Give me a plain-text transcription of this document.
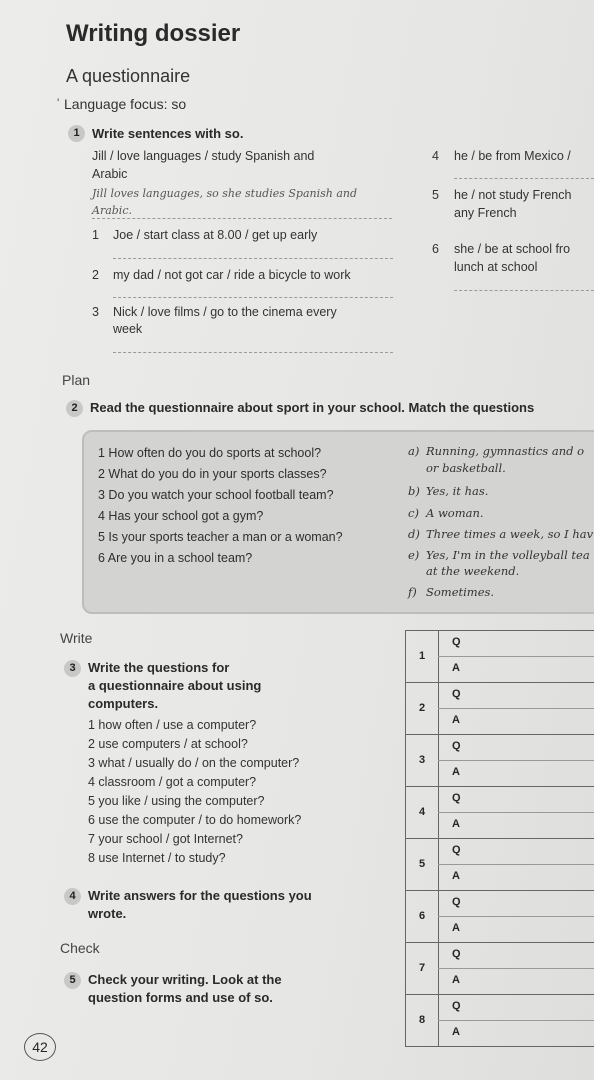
Writing dossier
A questionnaire
' Language focus: so
1 Write sentences with so.
Jill / love languages / study Spanish and
Arabic
Jill loves languages, so she studies Spanish and
Arabic.
1 Joe / start class at 8.00 / get up early
2 my dad / not got car / ride a bicycle to work
3 Nick / love films / go to the cinema every
week
4 he / be from Mexico /
5 he / not study French
any French
6 she / be at school fro
lunch at school
Plan
2 Read the questionnaire about sport in your school. Match the questions
1 How often do you do sports at school?
2 What do you do in your sports classes?
3 Do you watch your school football team?
4 Has your school got a gym?
5 Is your sports teacher a man or a woman?
6 Are you in a school team?
a) Running, gymnastics and o
or basketball.
b) Yes, it has.
c) A woman.
d) Three times a week, so I hav
e) Yes, I'm in the volleyball tea
at the weekend.
f) Sometimes.
Write
3 Write the questions for
a questionnaire about using
computers.
1 how often / use a computer?
2 use computers / at school?
3 what / usually do / on the computer?
4 classroom / got a computer?
5 you like / using the computer?
6 use the computer / to do homework?
7 your school / got Internet?
8 use Internet / to study?
4 Write answers for the questions you
wrote.
Check
5 Check your writing. Look at the
question forms and use of so.
1
Q
A
2
Q
A
3
Q
A
4
Q
A
5
Q
A
6
Q
A
7
Q
A
8
Q
A
42
